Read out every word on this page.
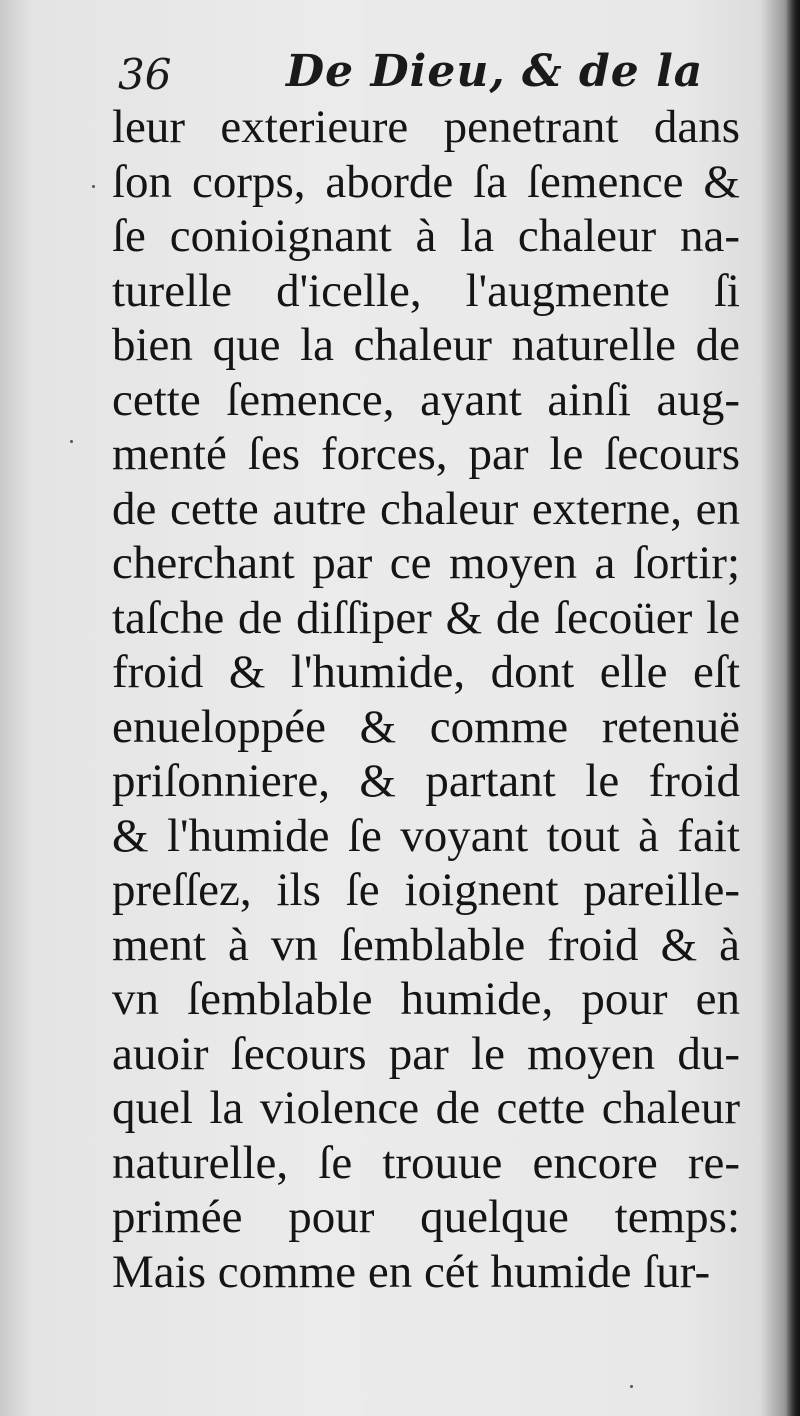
36	De Dieu, & de la
leur exterieure penetrant dans
ſon corps, aborde ſa ſemence &
ſe conioignant à la chaleur na-
turelle d'icelle, l'augmente ſi
bien que la chaleur naturelle de
cette ſemence, ayant ainſi aug-
menté ſes forces, par le ſecours
de cette autre chaleur externe, en
cherchant par ce moyen a ſortir;
taſche de diſſiper & de ſecoüer le
froid & l'humide, dont elle eſt
enueloppée & comme retenuë
priſonniere, & partant le froid
& l'humide ſe voyant tout à fait
preſſez, ils ſe ioignent pareille-
ment à vn ſemblable froid & à
vn ſemblable humide, pour en
auoir ſecours par le moyen du-
quel la violence de cette chaleur
naturelle, ſe trouue encore re-
primée pour quelque temps:
Mais comme en cét humide ſur-
